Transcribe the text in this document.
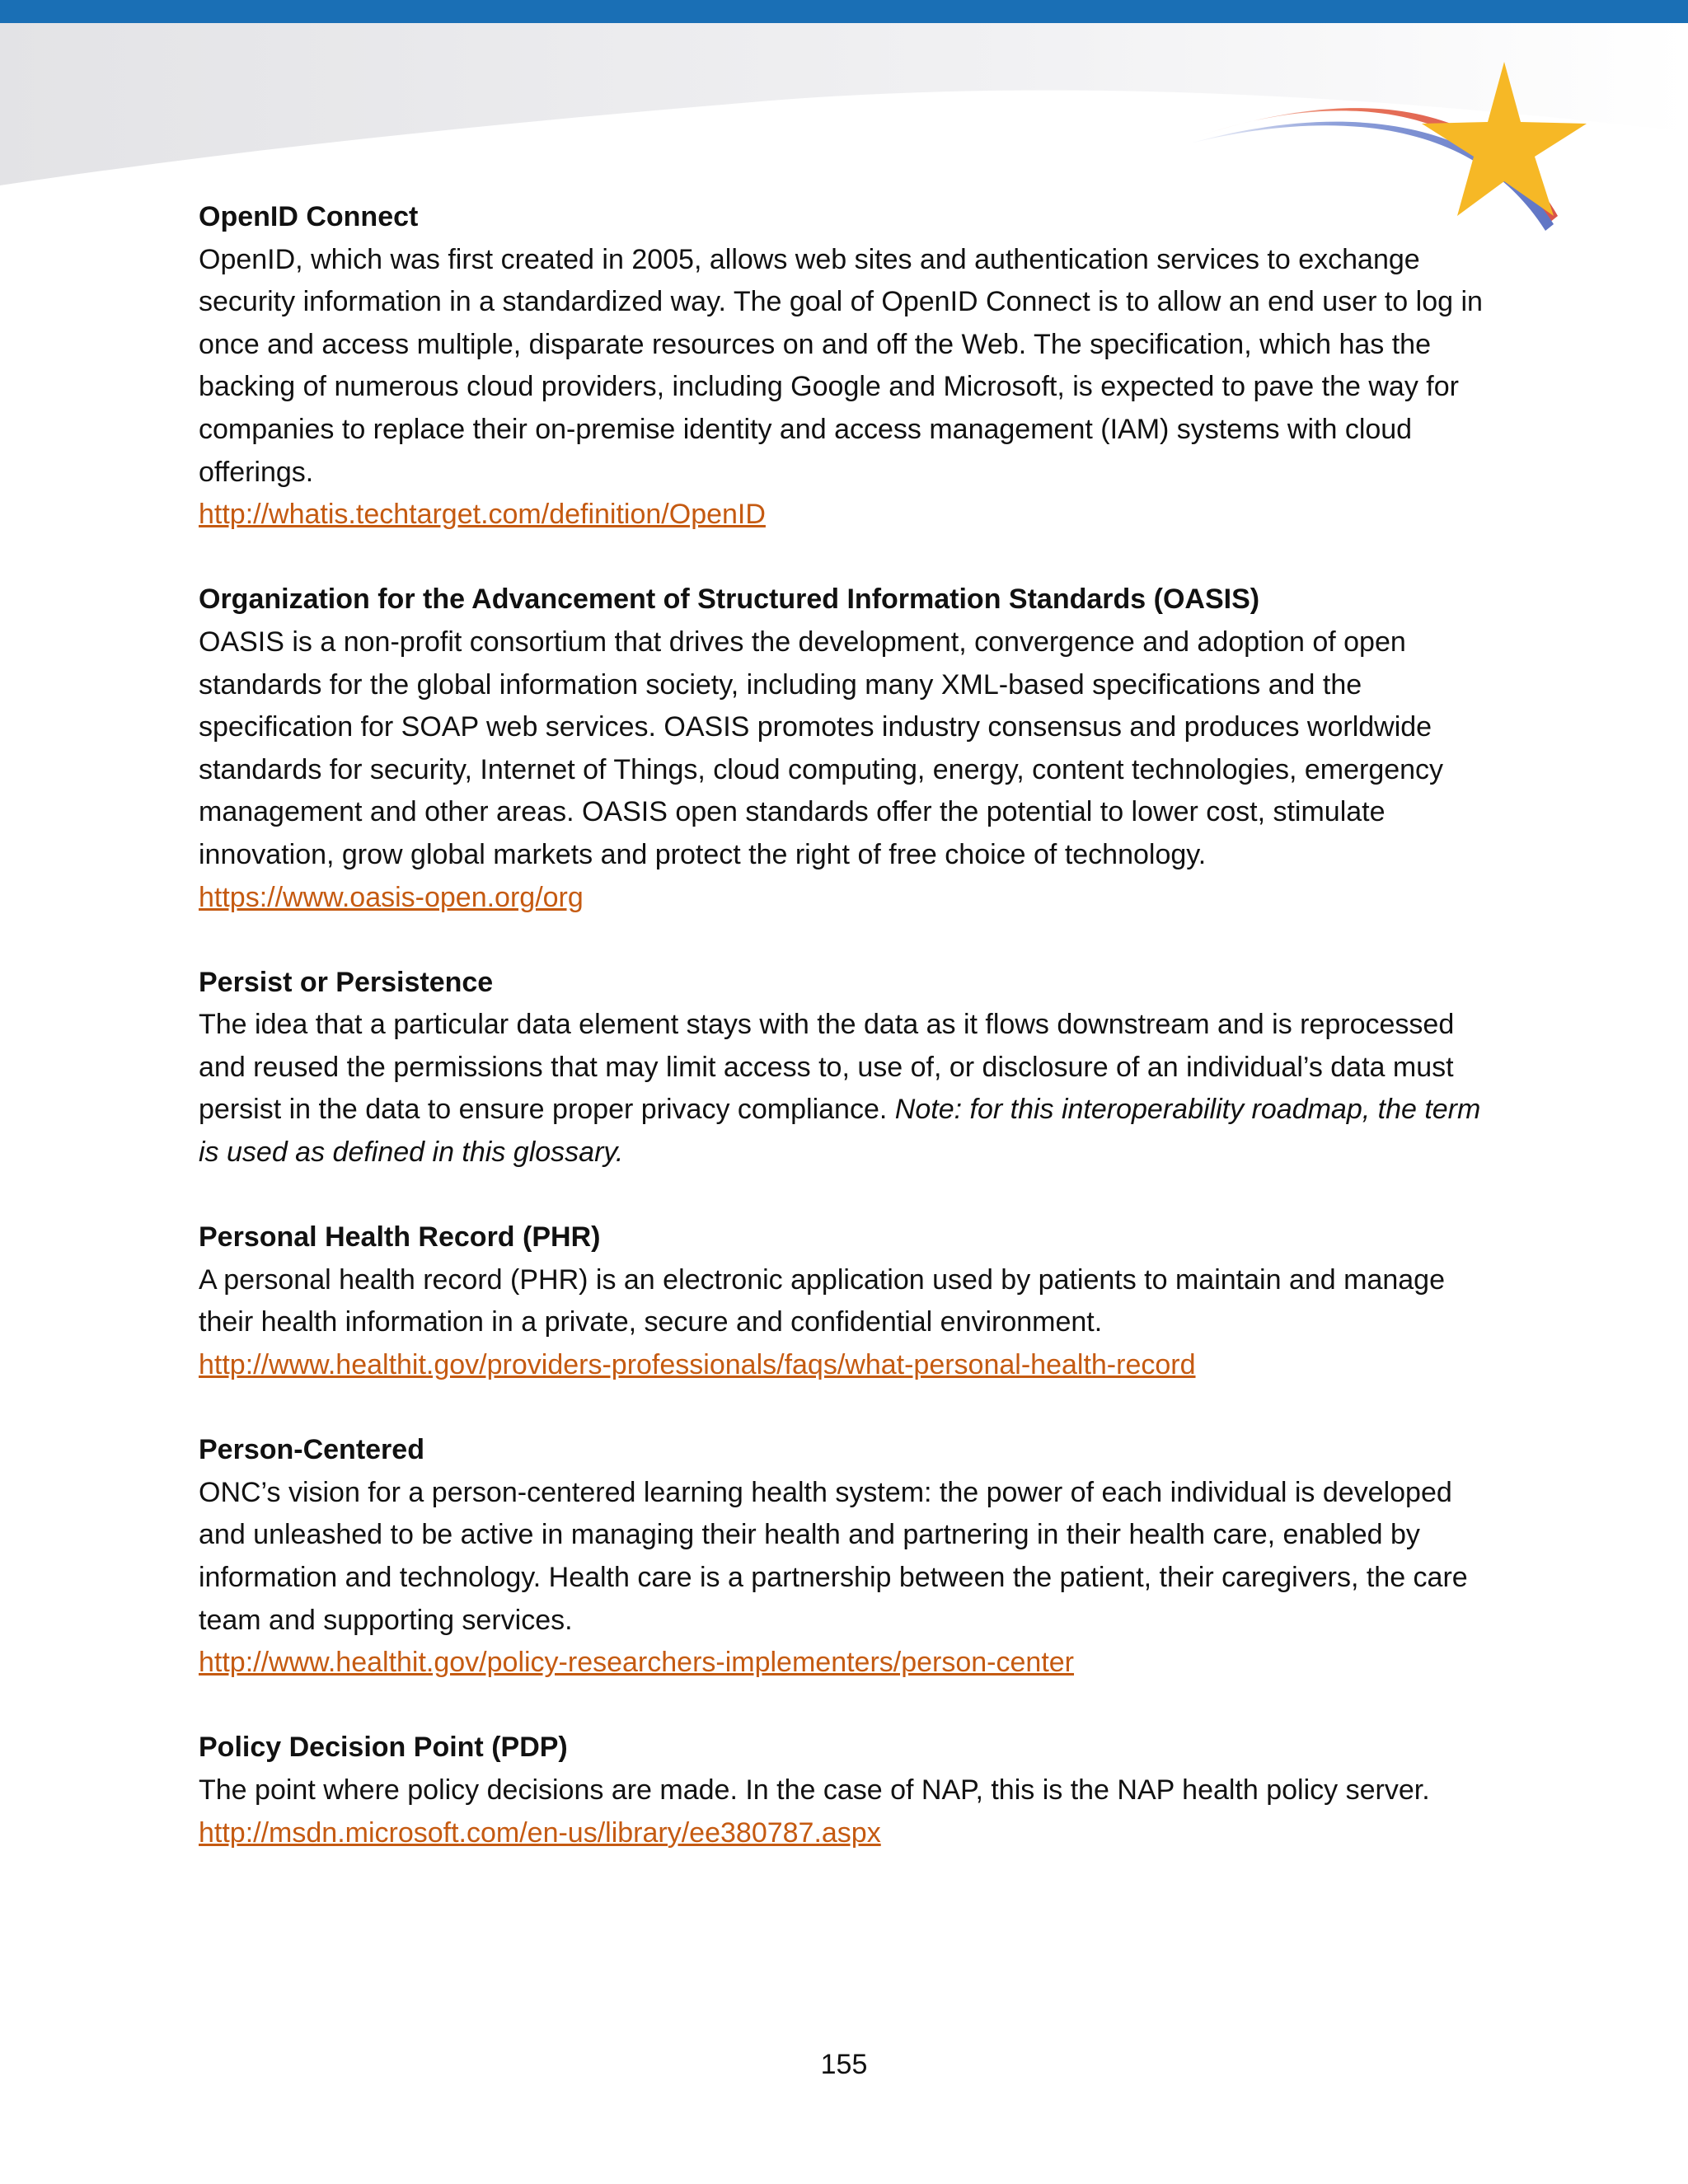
OpenID Connect

OpenID, which was first created in 2005, allows web sites and authentication services to exchange security information in a standardized way. The goal of OpenID Connect is to allow an end user to log in once and access multiple, disparate resources on and off the Web. The specification, which has the backing of numerous cloud providers, including Google and Microsoft, is expected to pave the way for companies to replace their on-premise identity and access management (IAM) systems with cloud offerings.

http://whatis.techtarget.com/definition/OpenID

Organization for the Advancement of Structured Information Standards (OASIS)

OASIS is a non-profit consortium that drives the development, convergence and adoption of open standards for the global information society, including many XML-based specifications and the specification for SOAP web services. OASIS promotes industry consensus and produces worldwide standards for security, Internet of Things, cloud computing, energy, content technologies, emergency management and other areas. OASIS open standards offer the potential to lower cost, stimulate innovation, grow global markets and protect the right of free choice of technology.

https://www.oasis-open.org/org

Persist or Persistence

The idea that a particular data element stays with the data as it flows downstream and is reprocessed and reused the permissions that may limit access to, use of, or disclosure of an individual’s data must persist in the data to ensure proper privacy compliance. Note: for this interoperability roadmap, the term is used as defined in this glossary.

Personal Health Record (PHR)

A personal health record (PHR) is an electronic application used by patients to maintain and manage their health information in a private, secure and confidential environment.

http://www.healthit.gov/providers-professionals/faqs/what-personal-health-record

Person-Centered

ONC’s vision for a person-centered learning health system: the power of each individual is developed and unleashed to be active in managing their health and partnering in their health care, enabled by information and technology. Health care is a partnership between the patient, their caregivers, the care team and supporting services.

http://www.healthit.gov/policy-researchers-implementers/person-center

Policy Decision Point (PDP)

The point where policy decisions are made. In the case of NAP, this is the NAP health policy server.

http://msdn.microsoft.com/en-us/library/ee380787.aspx
155
